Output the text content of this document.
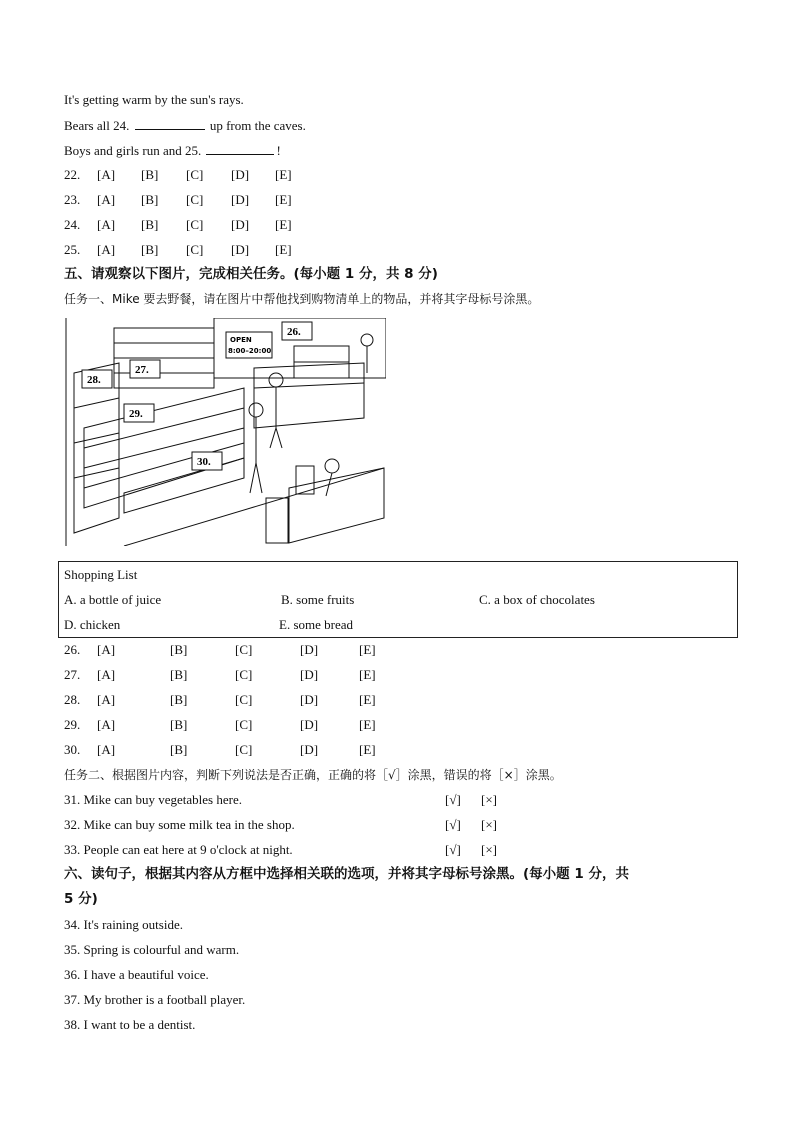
It's getting warm by the sun's rays.
Bears all 24.	up from the caves.
Boys and girls run and 25.	!
22. [A] [B] [C] [D] [E]
23. [A] [B] [C] [D] [E]
24. [A] [B] [C] [D] [E]
25. [A] [B] [C] [D] [E]
五、请观察以下图片，完成相关任务。(每小题 1 分，共 8 分)
任务一、Mike 要去野餐，请在图片中帮他找到购物清单上的物品，并将其字母标号涂黑。
OPEN
8:00–20:00
26.
27.
28.
29.
30.
Shopping List
A. a bottle of juice	B. some fruits	C. a box of chocolates
D. chicken	E. some bread
26. [A]	[B]	[C]	[D]	[E]
27. [A]	[B]	[C]	[D]	[E]
28. [A]	[B]	[C]	[D]	[E]
29. [A]	[B]	[C]	[D]	[E]
30. [A]	[B]	[C]	[D]	[E]
任务二、根据图片内容，判断下列说法是否正确，正确的将［√］涂黑，错误的将［×］涂黑。
31. Mike can buy vegetables here.	[√] [×]
32. Mike can buy some milk tea in the shop.	[√] [×]
33. People can eat here at 9 o'clock at night.	[√] [×]
六、读句子，根据其内容从方框中选择相关联的选项，并将其字母标号涂黑。(每小题 1 分，共
5 分)
34. It's raining outside.
35. Spring is colourful and warm.
36. I have a beautiful voice.
37. My brother is a football player.
38. I want to be a dentist.
